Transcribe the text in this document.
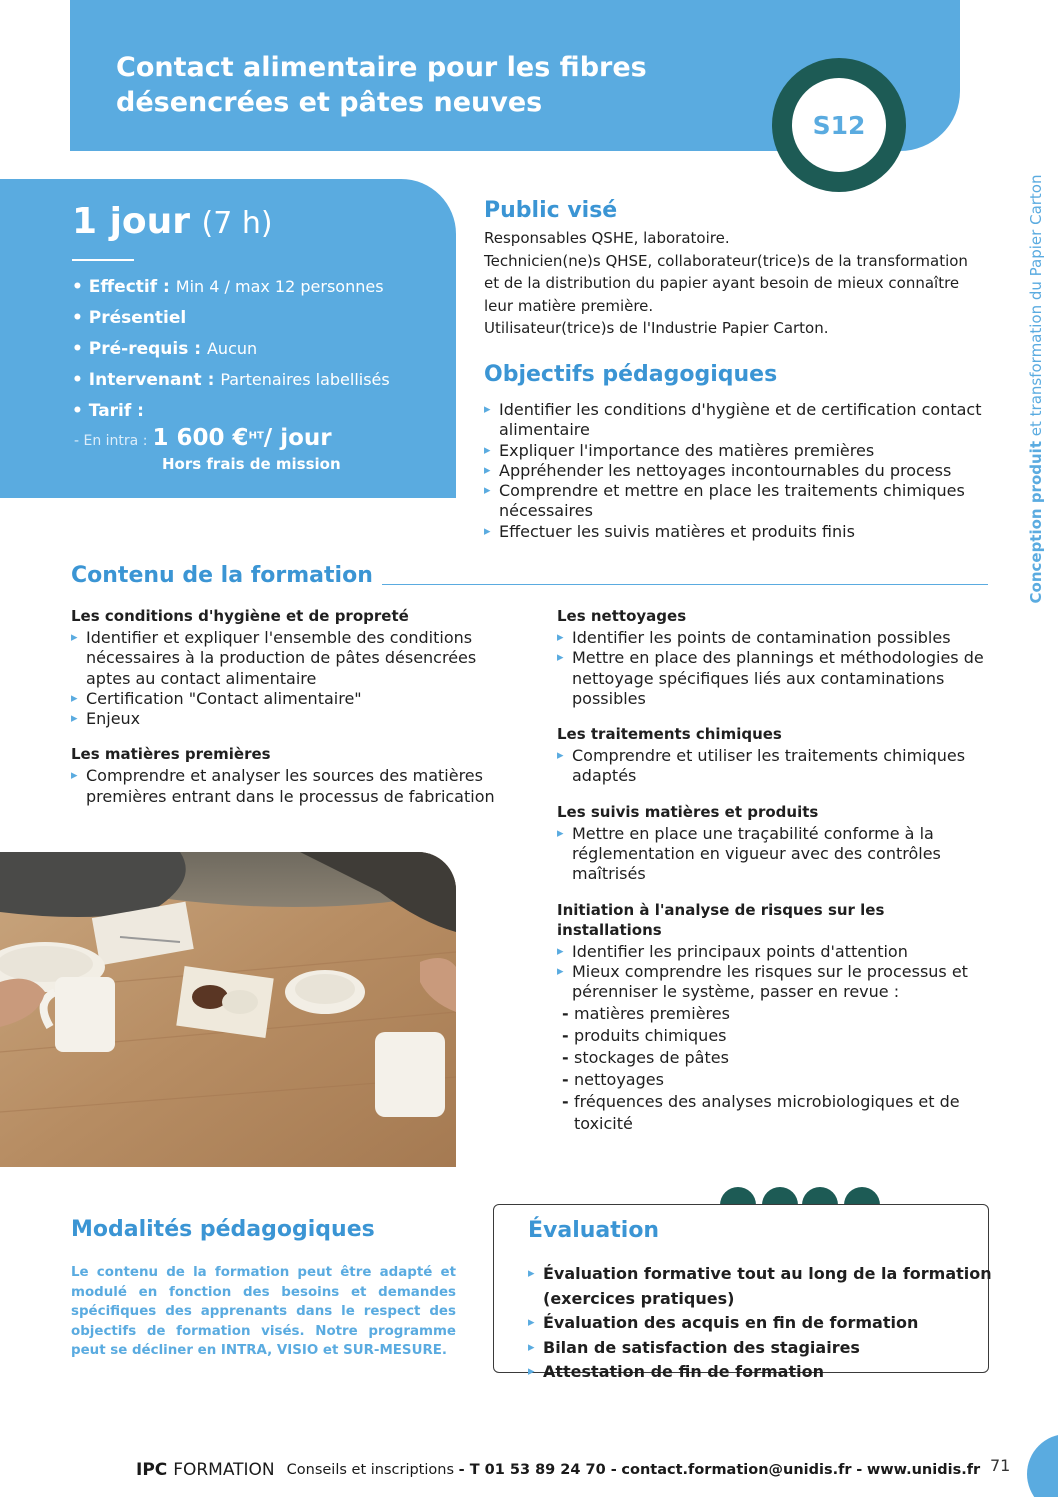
Contact alimentaire pour les fibres
désencrées et pâtes neuves
S12
Conception produit et transformation du Papier Carton
1 jour (7 h)
• Effectif : Min 4 / max 12 personnes
• Présentiel
• Pré-requis : Aucun
• Intervenant : Partenaires labellisés
• Tarif :
- En intra : 1 600 €$^{HT}$/ jour
Hors frais de mission
Public visé
Responsables QSHE, laboratoire.
Technicien(ne)s QHSE, collaborateur(trice)s de la transformation
et de la distribution du papier ayant besoin de mieux connaître
leur matière première.
Utilisateur(trice)s de l'Industrie Papier Carton.
Objectifs pédagogiques
▸ Identifier les conditions d'hygiène et de certification contact alimentaire
▸ Expliquer l'importance des matières premières
▸ Appréhender les nettoyages incontournables du process
▸ Comprendre et mettre en place les traitements chimiques nécessaires
▸ Effectuer les suivis matières et produits finis
Contenu de la formation
Les conditions d'hygiène et de propreté
▸ Identifier et expliquer l'ensemble des conditions nécessaires à la production de pâtes désencrées aptes au contact alimentaire
▸ Certification "Contact alimentaire"
▸ Enjeux
Les matières premières
▸ Comprendre et analyser les sources des matières premières entrant dans le processus de fabrication
Les nettoyages
▸ Identifier les points de contamination possibles
▸ Mettre en place des plannings et méthodologies de nettoyage spécifiques liés aux contaminations possibles
Les traitements chimiques
▸ Comprendre et utiliser les traitements chimiques adaptés
Les suivis matières et produits
▸ Mettre en place une traçabilité conforme à la réglementation en vigueur avec des contrôles maîtrisés
Initiation à l'analyse de risques sur les installations
▸ Identifier les principaux points d'attention
▸ Mieux comprendre les risques sur le processus et pérenniser le système, passer en revue :
- matières premières
- produits chimiques
- stockages de pâtes
- nettoyages
- fréquences des analyses microbiologiques et de toxicité
Modalités pédagogiques
Le contenu de la formation peut être adapté et modulé en fonction des besoins et demandes spécifiques des apprenants dans le respect des objectifs de formation visés. Notre programme peut se décliner en INTRA, VISIO et SUR-MESURE.
Évaluation
▸ Évaluation formative tout au long de la formation (exercices pratiques)
▸ Évaluation des acquis en fin de formation
▸ Bilan de satisfaction des stagiaires
▸ Attestation de fin de formation
IPC FORMATION Conseils et inscriptions - T 01 53 89 24 70 - contact.formation@unidis.fr - www.unidis.fr 71
